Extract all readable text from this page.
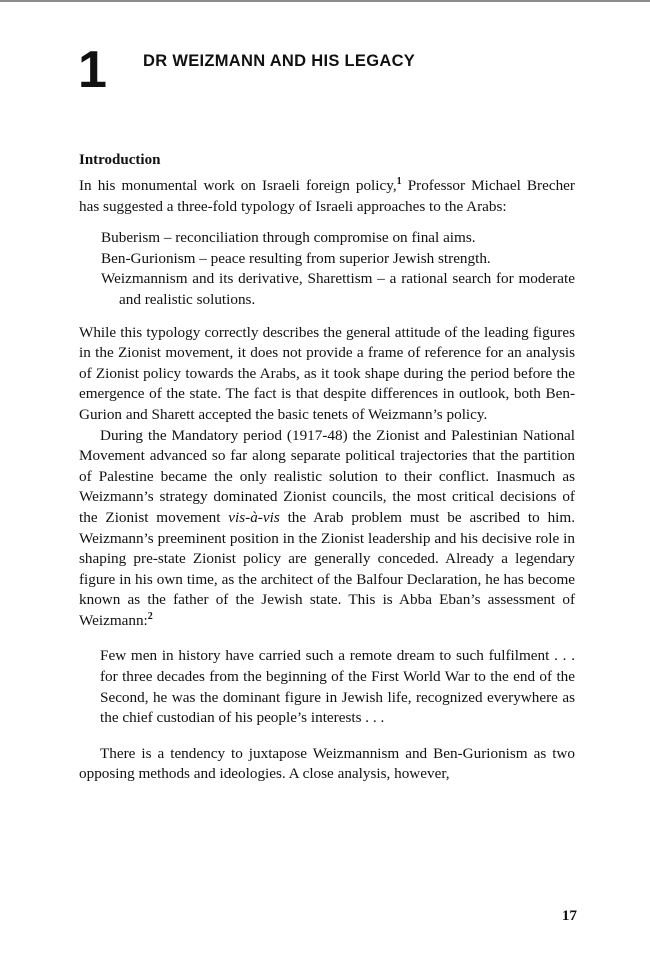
1 DR WEIZMANN AND HIS LEGACY
Introduction

In his monumental work on Israeli foreign policy,$^1$ Professor Michael Brecher has suggested a three-fold typology of Israeli approaches to the Arabs:

Buberism – reconciliation through compromise on final aims.
Ben-Gurionism – peace resulting from superior Jewish strength.
Weizmannism and its derivative, Sharettism – a rational search for moderate and realistic solutions.

While this typology correctly describes the general attitude of the leading figures in the Zionist movement, it does not provide a frame of reference for an analysis of Zionist policy towards the Arabs, as it took shape during the period before the emergence of the state. The fact is that despite differences in outlook, both Ben-Gurion and Sharett accepted the basic tenets of Weizmann’s policy.

During the Mandatory period (1917-48) the Zionist and Palestinian National Movement advanced so far along separate political trajectories that the partition of Palestine became the only realistic solution to their conflict. Inasmuch as Weizmann’s strategy dominated Zionist councils, the most critical decisions of the Zionist movement vis-à-vis the Arab problem must be ascribed to him. Weizmann’s preeminent position in the Zionist leadership and his decisive role in shaping pre-state Zionist policy are generally conceded. Already a legendary figure in his own time, as the architect of the Balfour Declaration, he has become known as the father of the Jewish state. This is Abba Eban’s assessment of Weizmann:$^2$

Few men in history have carried such a remote dream to such fulfilment . . . for three decades from the beginning of the First World War to the end of the Second, he was the dominant figure in Jewish life, recognized everywhere as the chief custodian of his people’s interests . . .

There is a tendency to juxtapose Weizmannism and Ben-Gurionism as two opposing methods and ideologies. A close analysis, however,

17
